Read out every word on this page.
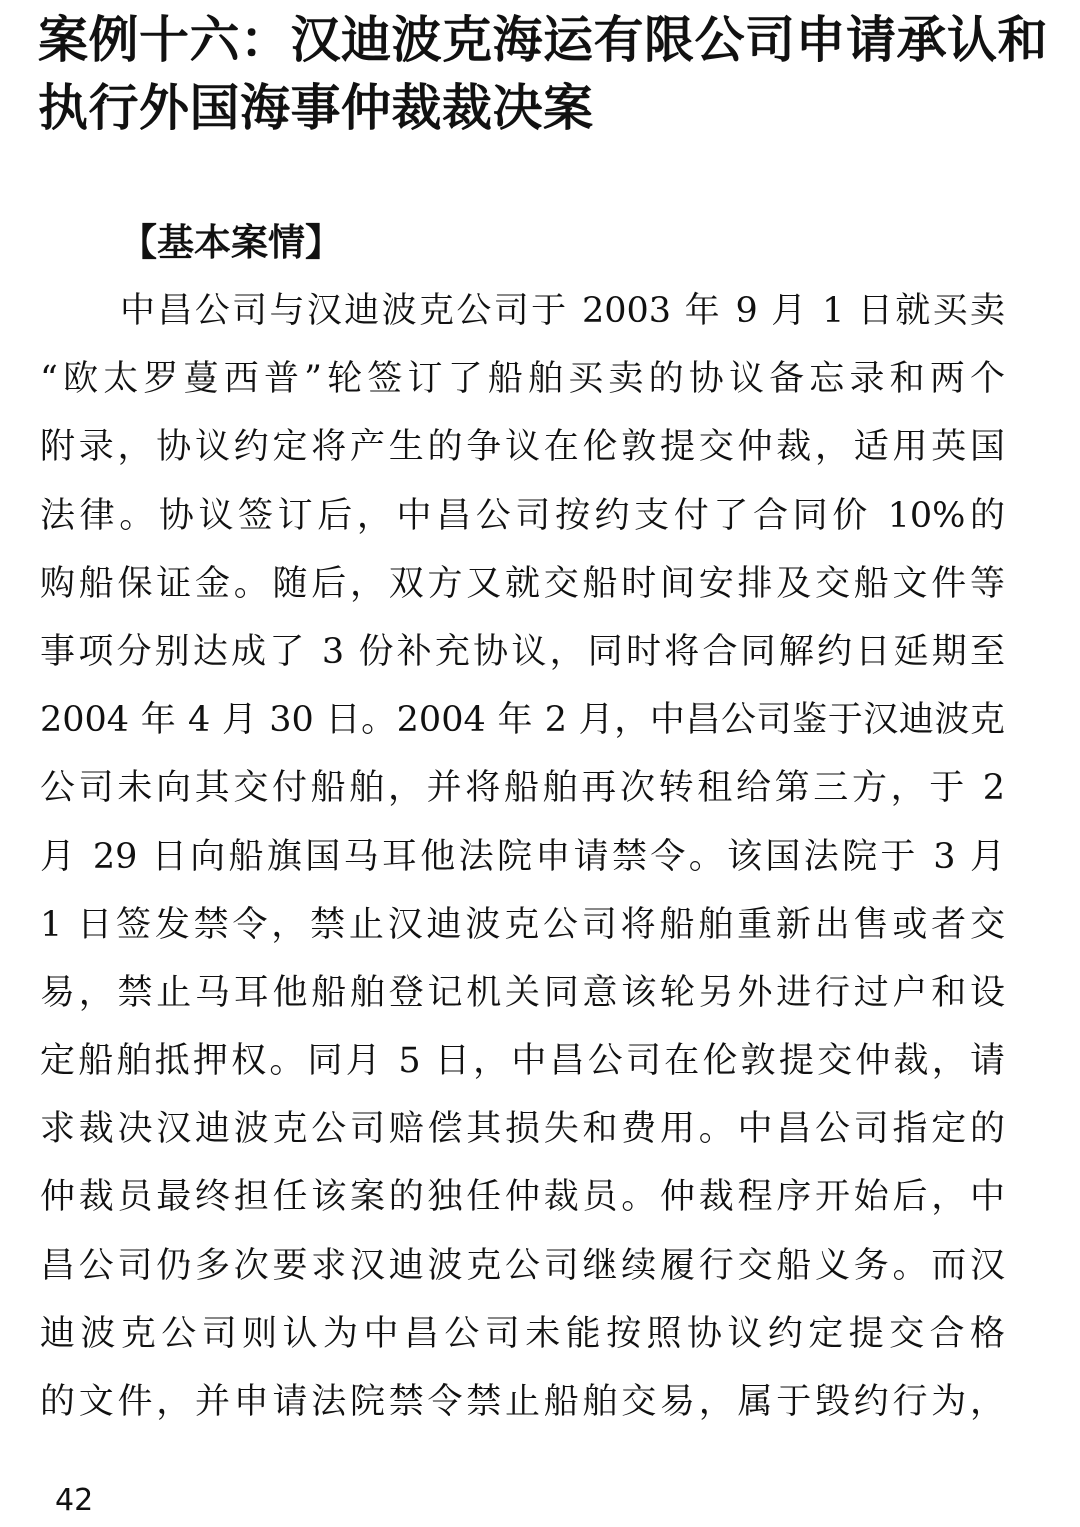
案例十六：汉迪波克海运有限公司申请承认和
执行外国海事仲裁裁决案
【基本案情】
中昌公司与汉迪波克公司于 2003 年 9 月 1 日就买卖
“欧太罗蔓西普”轮签订了船舶买卖的协议备忘录和两个
附录，协议约定将产生的争议在伦敦提交仲裁，适用英国
法律。协议签订后，中昌公司按约支付了合同价 10%的
购船保证金。随后，双方又就交船时间安排及交船文件等
事项分别达成了 3 份补充协议，同时将合同解约日延期至
2004 年 4 月 30 日。2004 年 2 月，中昌公司鉴于汉迪波克
公司未向其交付船舶，并将船舶再次转租给第三方，于 2
月 29 日向船旗国马耳他法院申请禁令。该国法院于 3 月
1 日签发禁令，禁止汉迪波克公司将船舶重新出售或者交
易，禁止马耳他船舶登记机关同意该轮另外进行过户和设
定船舶抵押权。同月 5 日，中昌公司在伦敦提交仲裁，请
求裁决汉迪波克公司赔偿其损失和费用。中昌公司指定的
仲裁员最终担任该案的独任仲裁员。仲裁程序开始后，中
昌公司仍多次要求汉迪波克公司继续履行交船义务。而汉
迪波克公司则认为中昌公司未能按照协议约定提交合格
的文件，并申请法院禁令禁止船舶交易，属于毁约行为，
42
